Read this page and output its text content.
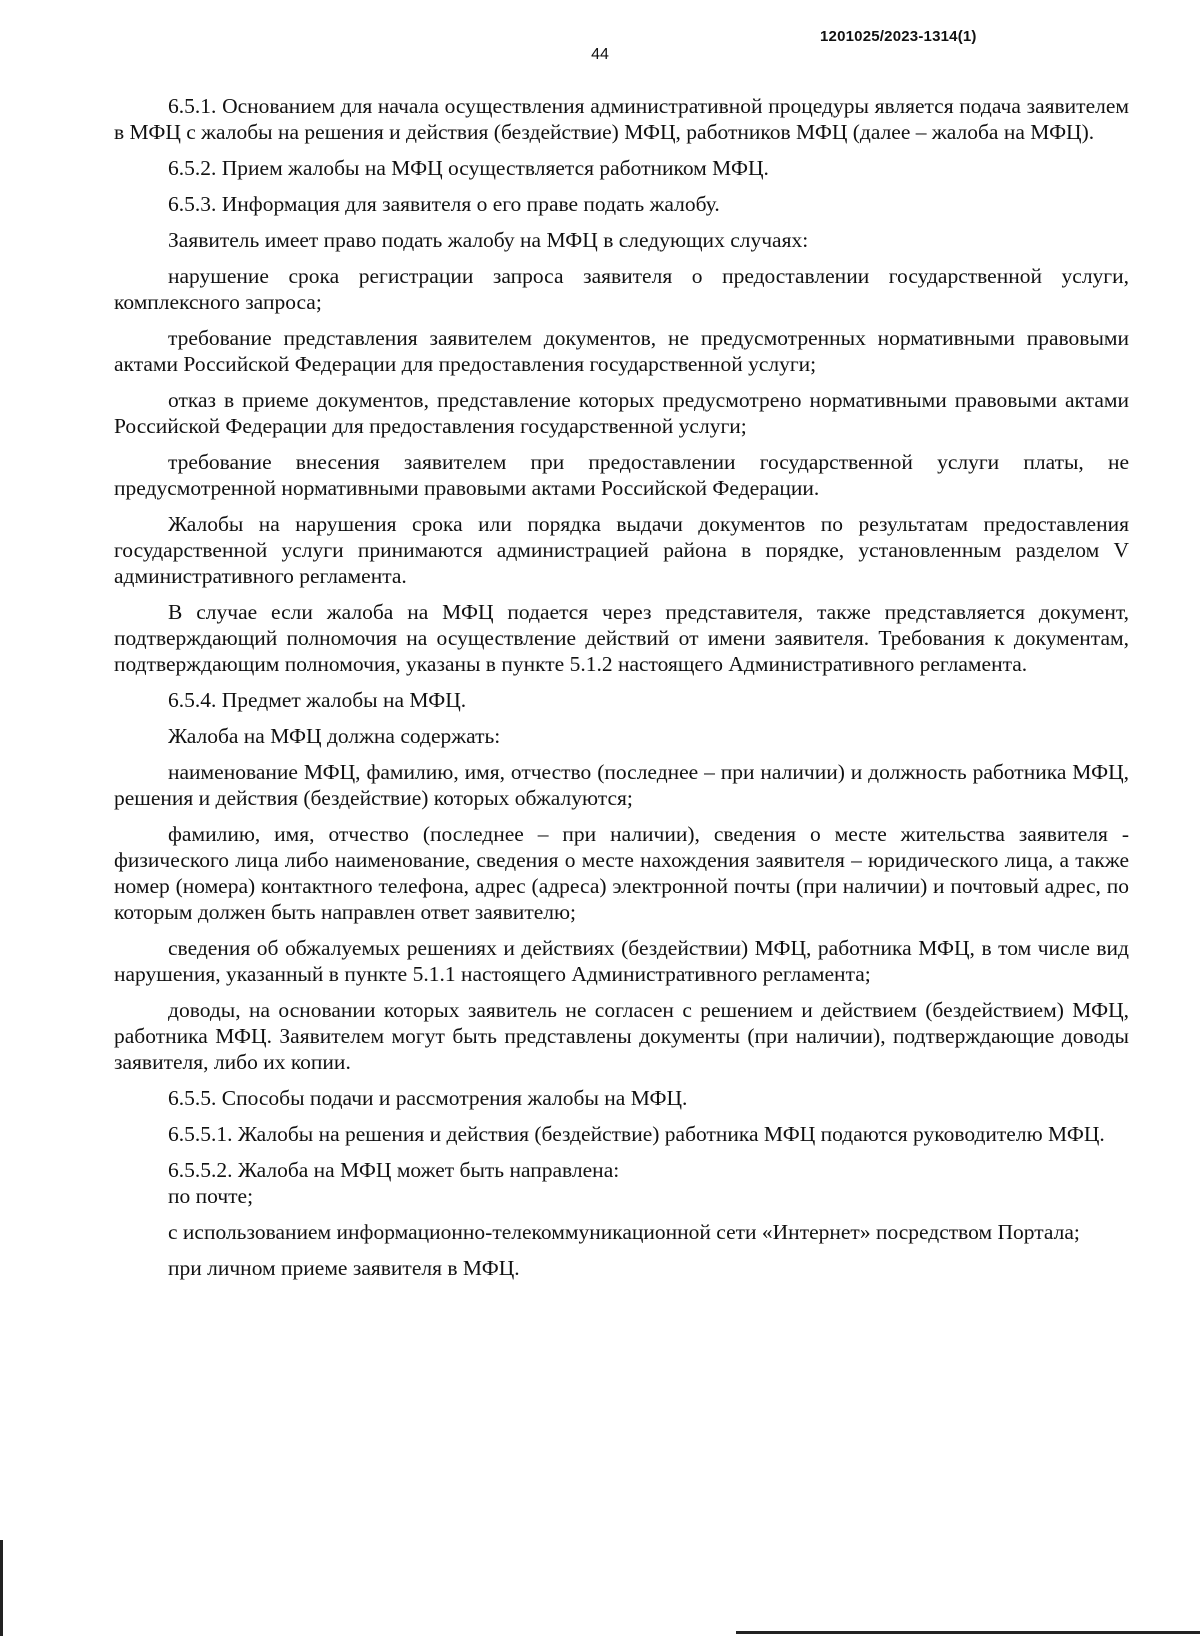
1201025/2023-1314(1)
44

6.5.1. Основанием для начала осуществления административной процедуры является подача заявителем в МФЦ с жалобы на решения и действия (бездействие) МФЦ, работников МФЦ (далее – жалоба на МФЦ).

6.5.2. Прием жалобы на МФЦ осуществляется работником МФЦ.

6.5.3. Информация для заявителя о его праве подать жалобу.

Заявитель имеет право подать жалобу на МФЦ в следующих случаях:

нарушение срока регистрации запроса заявителя о предоставлении государственной услуги, комплексного запроса;

требование представления заявителем документов, не предусмотренных нормативными правовыми актами Российской Федерации для предоставления государственной услуги;

отказ в приеме документов, представление которых предусмотрено нормативными правовыми актами Российской Федерации для предоставления государственной услуги;

требование внесения заявителем при предоставлении государственной услуги платы, не предусмотренной нормативными правовыми актами Российской Федерации.

Жалобы на нарушения срока или порядка выдачи документов по результатам предоставления государственной услуги принимаются администрацией района в порядке, установленным разделом V административного регламента.

В случае если жалоба на МФЦ подается через представителя, также представляется документ, подтверждающий полномочия на осуществление действий от имени заявителя. Требования к документам, подтверждающим полномочия, указаны в пункте 5.1.2 настоящего Административного регламента.

6.5.4. Предмет жалобы на МФЦ.

Жалоба на МФЦ должна содержать:

наименование МФЦ, фамилию, имя, отчество (последнее – при наличии) и должность работника МФЦ, решения и действия (бездействие) которых обжалуются;

фамилию, имя, отчество (последнее – при наличии), сведения о месте жительства заявителя - физического лица либо наименование, сведения о месте нахождения заявителя – юридического лица, а также номер (номера) контактного телефона, адрес (адреса) электронной почты (при наличии) и почтовый адрес, по которым должен быть направлен ответ заявителю;

сведения об обжалуемых решениях и действиях (бездействии) МФЦ, работника МФЦ, в том числе вид нарушения, указанный в пункте 5.1.1 настоящего Административного регламента;

доводы, на основании которых заявитель не согласен с решением и действием (бездействием) МФЦ, работника МФЦ. Заявителем могут быть представлены документы (при наличии), подтверждающие доводы заявителя, либо их копии.

6.5.5. Способы подачи и рассмотрения жалобы на МФЦ.

6.5.5.1. Жалобы на решения и действия (бездействие) работника МФЦ подаются руководителю МФЦ.

6.5.5.2. Жалоба на МФЦ может быть направлена:

по почте;

с использованием информационно-телекоммуникационной сети «Интернет» посредством Портала;

при личном приеме заявителя в МФЦ.
